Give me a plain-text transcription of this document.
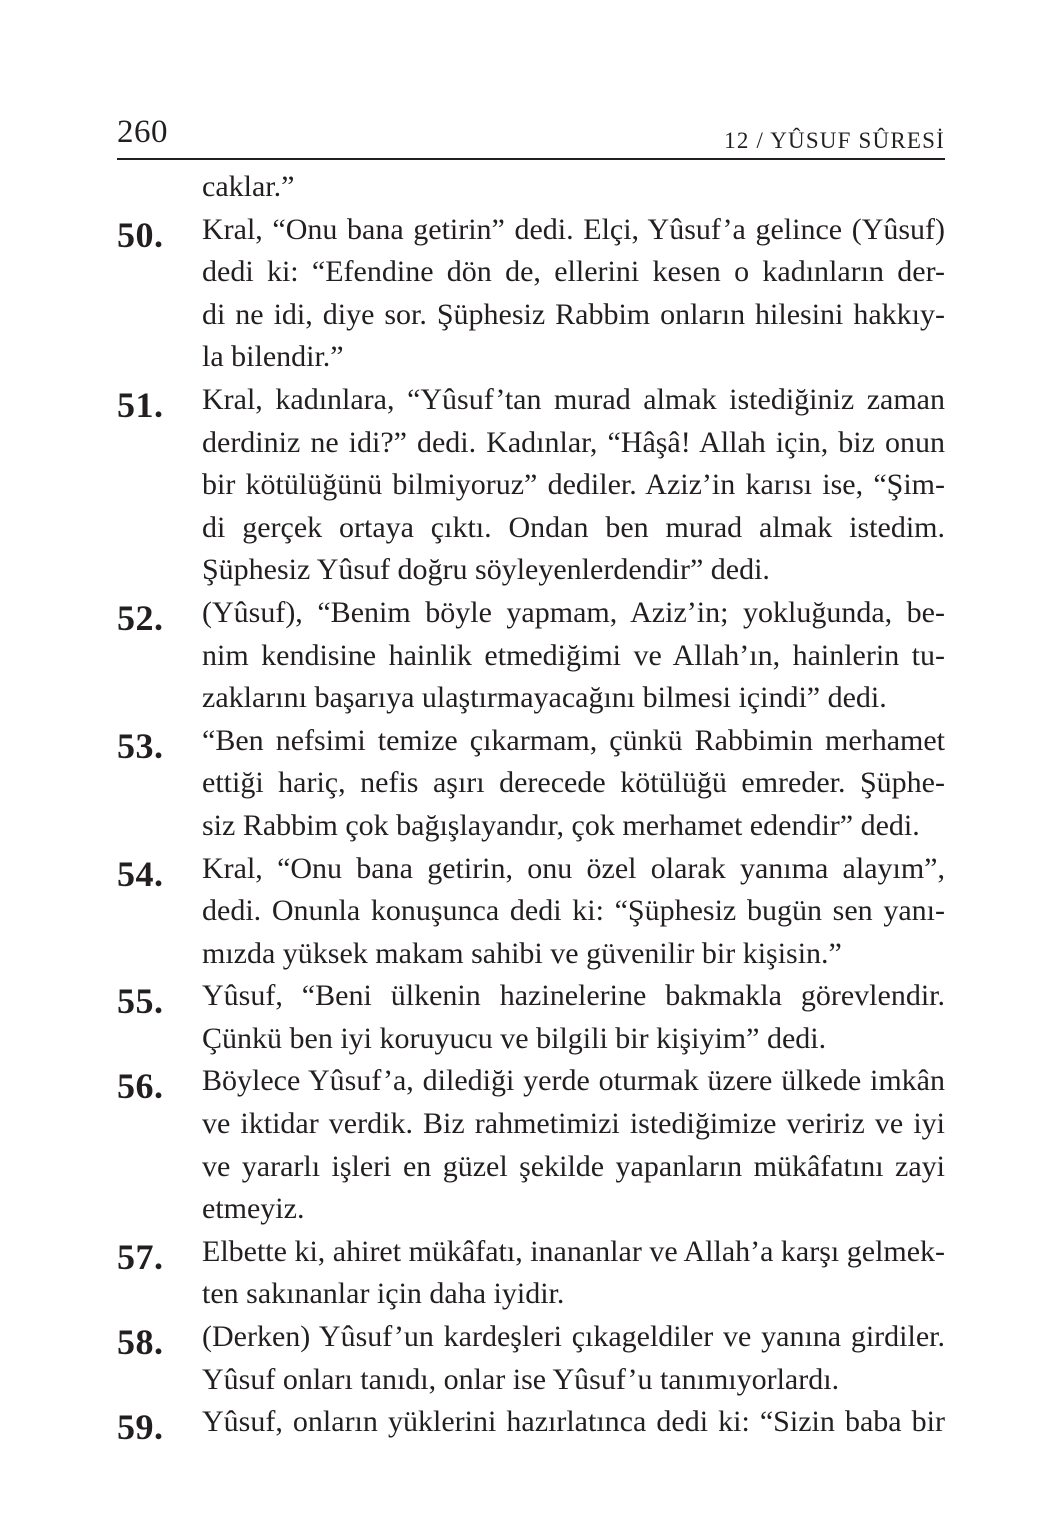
260	12 / YÛSUF SÛRESİ
caklar.”
50. Kral, “Onu bana getirin” dedi. Elçi, Yûsuf’a gelince (Yûsuf)
dedi ki: “Efendine dön de, ellerini kesen o kadınların der-
di ne idi, diye sor. Şüphesiz Rabbim onların hilesini hakkıy-
la bilendir.”
51. Kral, kadınlara, “Yûsuf’tan murad almak istediğiniz zaman
derdiniz ne idi?” dedi. Kadınlar, “Hâşâ! Allah için, biz onun
bir kötülüğünü bilmiyoruz” dediler. Aziz’in karısı ise, “Şim-
di gerçek ortaya çıktı. Ondan ben murad almak istedim.
Şüphesiz Yûsuf doğru söyleyenlerdendir” dedi.
52. (Yûsuf), “Benim böyle yapmam, Aziz’in; yokluğunda, be-
nim kendisine hainlik etmediğimi ve Allah’ın, hainlerin tu-
zaklarını başarıya ulaştırmayacağını bilmesi içindi” dedi.
53. “Ben nefsimi temize çıkarmam, çünkü Rabbimin merhamet
ettiği hariç, nefis aşırı derecede kötülüğü emreder. Şüphe-
siz Rabbim çok bağışlayandır, çok merhamet edendir” dedi.
54. Kral, “Onu bana getirin, onu özel olarak yanıma alayım”,
dedi. Onunla konuşunca dedi ki: “Şüphesiz bugün sen yanı-
mızda yüksek makam sahibi ve güvenilir bir kişisin.”
55. Yûsuf, “Beni ülkenin hazinelerine bakmakla görevlendir.
Çünkü ben iyi koruyucu ve bilgili bir kişiyim” dedi.
56. Böylece Yûsuf’a, dilediği yerde oturmak üzere ülkede imkân
ve iktidar verdik. Biz rahmetimizi istediğimize veririz ve iyi
ve yararlı işleri en güzel şekilde yapanların mükâfatını zayi
etmeyiz.
57. Elbette ki, ahiret mükâfatı, inananlar ve Allah’a karşı gelmek-
ten sakınanlar için daha iyidir.
58. (Derken) Yûsuf’un kardeşleri çıkageldiler ve yanına girdiler.
Yûsuf onları tanıdı, onlar ise Yûsuf’u tanımıyorlardı.
59. Yûsuf, onların yüklerini hazırlatınca dedi ki: “Sizin baba bir
